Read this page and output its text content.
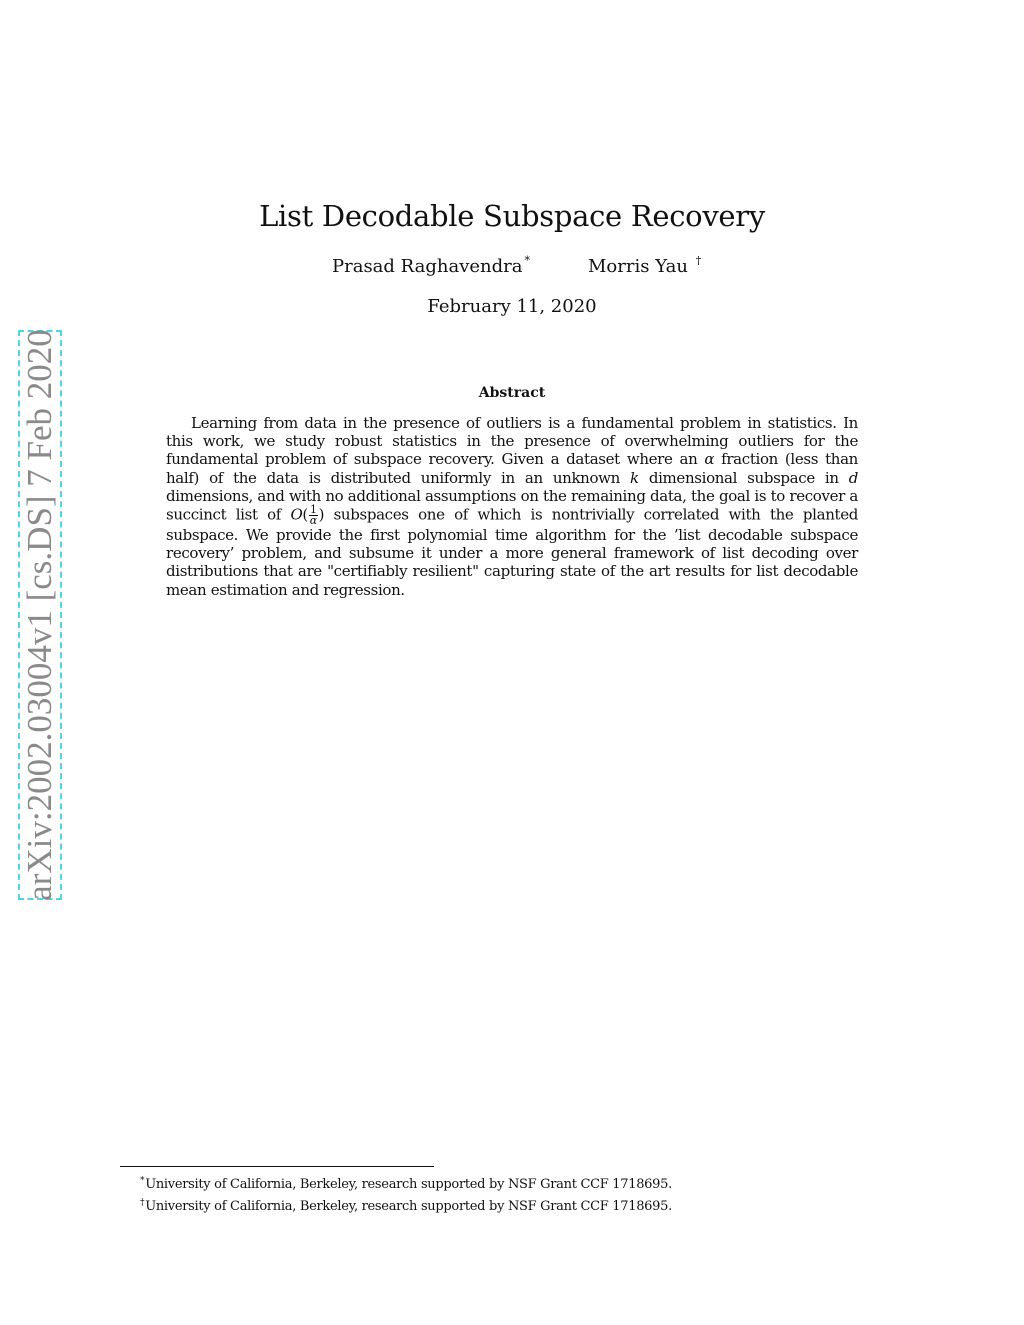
arXiv:2002.03004v1 [cs.DS] 7 Feb 2020
List Decodable Subspace Recovery
Prasad Raghavendra *	Morris Yau †
February 11, 2020
Abstract
Learning from data in the presence of outliers is a fundamental problem in statistics. In this work, we study robust statistics in the presence of overwhelming outliers for the fundamental problem of subspace recovery. Given a dataset where an α fraction (less than half) of the data is distributed uniformly in an unknown k dimensional subspace in d dimensions, and with no additional assumptions on the remaining data, the goal is to recover a succinct list of $O( \frac{1}{\alpha}$ ) subspaces one of which is nontrivially correlated with the planted subspace. We provide the first polynomial time algorithm for the ’list decodable subspace recovery’ problem, and subsume it under a more general framework of list decoding over distributions that are "certifiably resilient" capturing state of the art results for list decodable mean estimation and regression.
*University of California, Berkeley, research supported by NSF Grant CCF 1718695.
†University of California, Berkeley, research supported by NSF Grant CCF 1718695.
